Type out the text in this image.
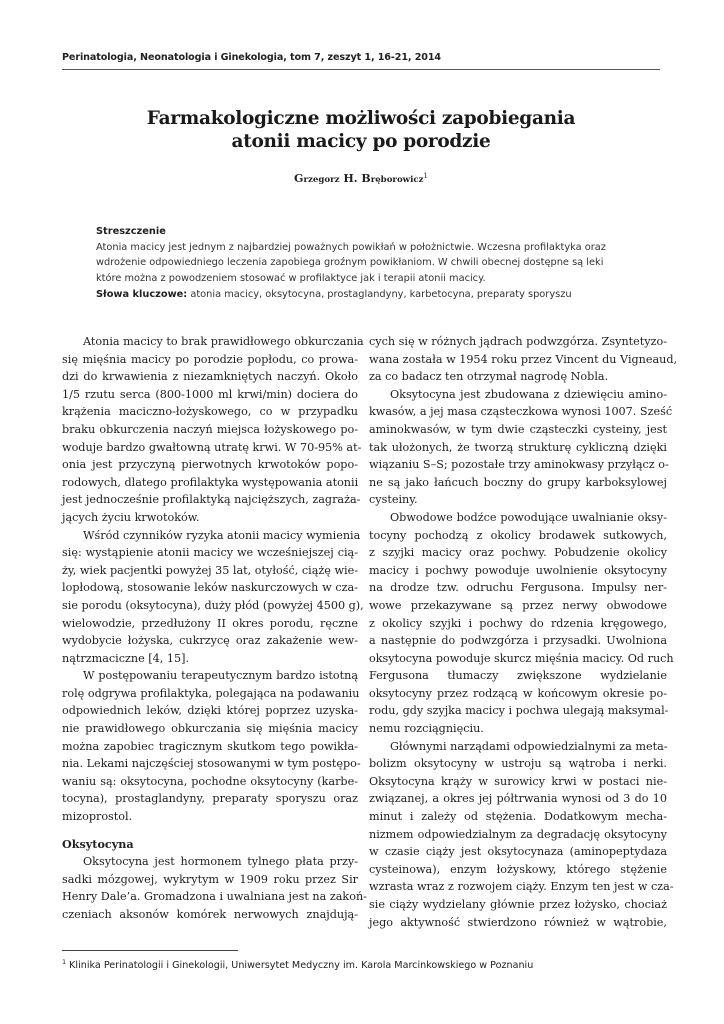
Perinatologia, Neonatologia i Ginekologia, tom 7, zeszyt 1, 16-21, 2014
Farmakologiczne możliwości zapobiegania
atonii macicy po porodzie
Grzegorz H. Bręborowicz$^1$
Streszczenie
Atonia macicy jest jednym z najbardziej poważnych powikłań w położnictwie. Wczesna profilaktyka oraz
wdrożenie odpowiedniego leczenia zapobiega groźnym powikłaniom. W chwili obecnej dostępne są leki
które można z powodzeniem stosować w profilaktyce jak i terapii atonii macicy.
Słowa kluczowe: atonia macicy, oksytocyna, prostaglandyny, karbetocyna, preparaty sporyszu
Atonia macicy to brak prawidłowego obkurczania
się mięśnia macicy po porodzie popłodu, co prowa-
dzi do krwawienia z niezamkniętych naczyń. Około
1/5 rzutu serca (800-1000 ml krwi/min) dociera do
krążenia maciczno-łożyskowego, co w przypadku
braku obkurczenia naczyń miejsca łożyskowego po-
woduje bardzo gwałtowną utratę krwi. W 70-95% at-
onia jest przyczyną pierwotnych krwotoków popo-
rodowych, dlatego profilaktyka występowania atonii
jest jednocześnie profilaktyką najcięższych, zagraża-
jących życiu krwotoków.
Wśród czynników ryzyka atonii macicy wymienia
się: wystąpienie atonii macicy we wcześniejszej cią-
ży, wiek pacjentki powyżej 35 lat, otyłość, ciążę wie-
lopłodową, stosowanie leków naskurczowych w cza-
sie porodu (oksytocyna), duży płód (powyżej 4500 g),
wielowodzie, przedłużony II okres porodu, ręczne
wydobycie łożyska, cukrzycę oraz zakażenie wew-
nątrzmaciczne [4, 15].
W postępowaniu terapeutycznym bardzo istotną
rolę odgrywa profilaktyka, polegająca na podawaniu
odpowiednich leków, dzięki której poprzez uzyska-
nie prawidłowego obkurczania się mięśnia macicy
można zapobiec tragicznym skutkom tego powikła-
nia. Lekami najczęściej stosowanymi w tym postępo-
waniu są: oksytocyna, pochodne oksytocyny (karbe-
tocyna), prostaglandyny, preparaty sporyszu oraz
mizoprostol.
Oksytocyna
Oksytocyna jest hormonem tylnego płata przy-
sadki mózgowej, wykrytym w 1909 roku przez Sir
Henry Dale’a. Gromadzona i uwalniana jest na zakoń-
czeniach aksonów komórek nerwowych znajdują-
cych się w różnych jądrach podwzgórza. Zsyntetyzo-
wana została w 1954 roku przez Vincent du Vigneaud,
za co badacz ten otrzymał nagrodę Nobla.
Oksytocyna jest zbudowana z dziewięciu amino-
kwasów, a jej masa cząsteczkowa wynosi 1007. Sześć
aminokwasów, w tym dwie cząsteczki cysteiny, jest
tak ułożonych, że tworzą strukturę cykliczną dzięki
wiązaniu S–S; pozostałe trzy aminokwasy przyłącz o-
ne są jako łańcuch boczny do grupy karboksylowej
cysteiny.
Obwodowe bodźce powodujące uwalnianie oksy-
tocyny pochodzą z okolicy brodawek sutkowych,
z szyjki macicy oraz pochwy. Pobudzenie okolicy
macicy i pochwy powoduje uwolnienie oksytocyny
na drodze tzw. odruchu Fergusona. Impulsy ner-
wowe przekazywane są przez nerwy obwodowe
z okolicy szyjki i pochwy do rdzenia kręgowego,
a następnie do podwzgórza i przysadki. Uwolniona
oksytocyna powoduje skurcz mięśnia macicy. Od ruch
Fergusona tłumaczy zwiększone wydzielanie
oksytocyny przez rodzącą w końcowym okresie po-
rodu, gdy szyjka macicy i pochwa ulegają maksymal-
nemu rozciągnięciu.
Głównymi narządami odpowiedzialnymi za meta-
bolizm oksytocyny w ustroju są wątroba i nerki.
Oksytocyna krąży w surowicy krwi w postaci nie-
związanej, a okres jej półtrwania wynosi od 3 do 10
minut i zależy od stężenia. Dodatkowym mecha-
nizmem odpowiedzialnym za degradację oksytocyny
w czasie ciąży jest oksytocynaza (aminopeptydaza
cysteinowa), enzym łożyskowy, którego stężenie
wzrasta wraz z rozwojem ciąży. Enzym ten jest w cza-
sie ciąży wydzielany głównie przez łożysko, chociaż
jego aktywność stwierdzono również w wątrobie,
$^1$ Klinika Perinatologii i Ginekologii, Uniwersytet Medyczny im. Karola Marcinkowskiego w Poznaniu
